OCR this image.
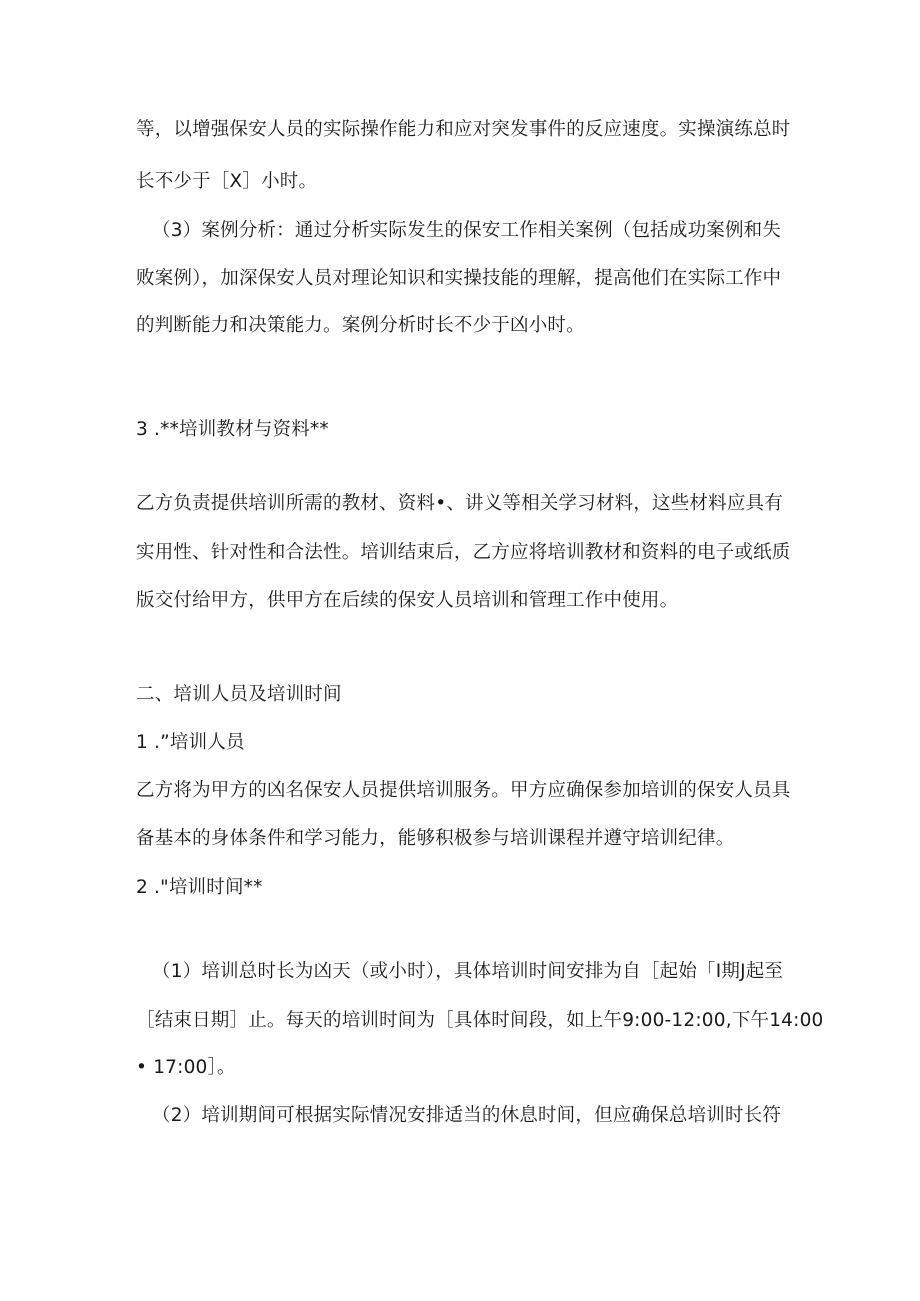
等，以增强保安人员的实际操作能力和应对突发事件的反应速度。实操演练总时
长不少于［X］小时。
（3）案例分析：通过分析实际发生的保安工作相关案例（包括成功案例和失
败案例），加深保安人员对理论知识和实操技能的理解，提高他们在实际工作中
的判断能力和决策能力。案例分析时长不少于凶小时。
3 .**培训教材与资料**
乙方负责提供培训所需的教材、资料•、讲义等相关学习材料，这些材料应具有
实用性、针对性和合法性。培训结束后，乙方应将培训教材和资料的电子或纸质
版交付给甲方，供甲方在后续的保安人员培训和管理工作中使用。
二、培训人员及培训时间
1 .”培训人员
乙方将为甲方的凶名保安人员提供培训服务。甲方应确保参加培训的保安人员具
备基本的身体条件和学习能力，能够积极参与培训课程并遵守培训纪律。
2 ."培训时间**
（1）培训总时长为凶天（或小时），具体培训时间安排为自［起始「I期J起至
［结束日期］止。每天的培训时间为［具体时间段，如上午9:00-12:00,下午14:00
• 17:00］。
（2）培训期间可根据实际情况安排适当的休息时间，但应确保总培训时长符
